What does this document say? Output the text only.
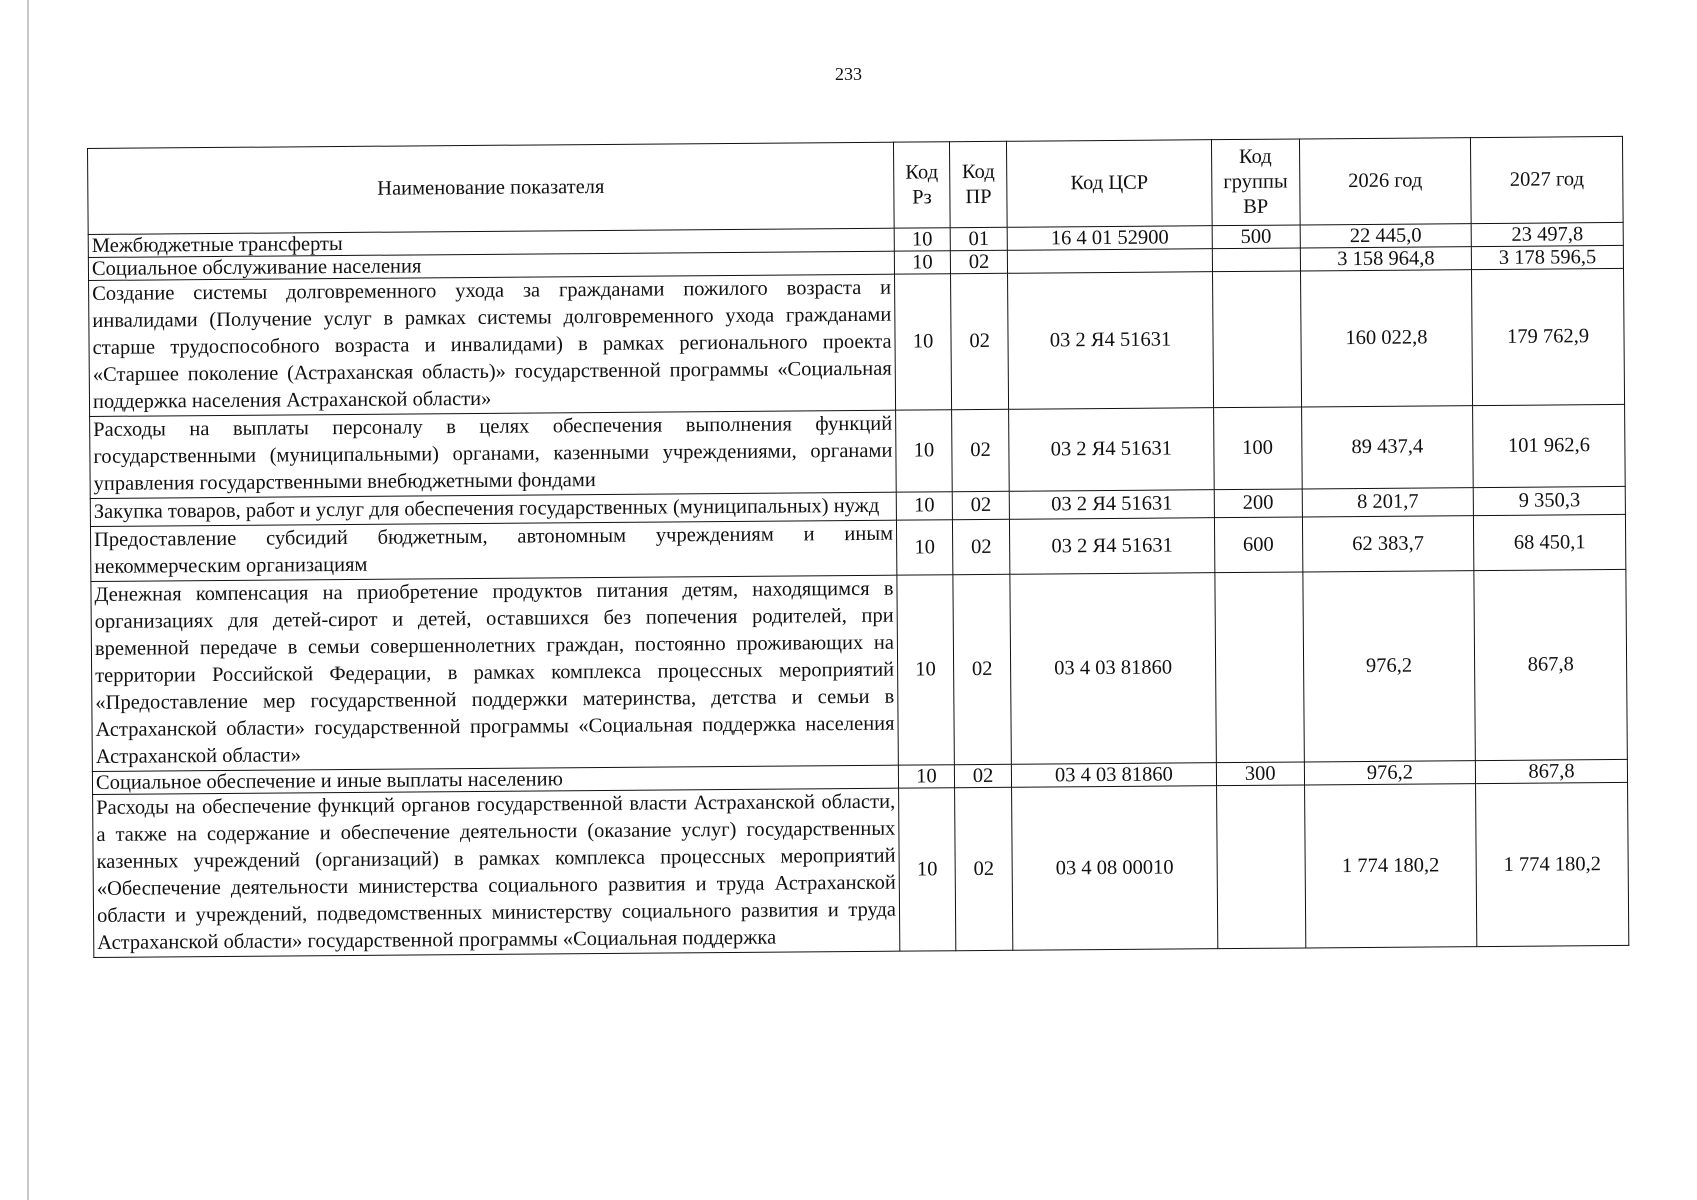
233
Наименование показателя	Код Рз	Код ПР	Код ЦСР	Код группы ВР	2026 год	2027 год
Межбюджетные трансферты	10	01	16 4 01 52900	500	22 445,0	23 497,8
Социальное обслуживание населения	10	02			3 158 964,8	3 178 596,5
Создание системы долговременного ухода за гражданами пожилого возраста и инвалидами (Получение услуг в рамках системы долговременного ухода гражданами старше трудоспособного возраста и инвалидами) в рамках регионального проекта «Старшее поколение (Астраханская область)» государственной программы «Социальная поддержка населения Астраханской области»	10	02	03 2 Я4 51631		160 022,8	179 762,9
Расходы на выплаты персоналу в целях обеспечения выполнения функций государственными (муниципальными) органами, казенными учреждениями, органами управления государственными внебюджетными фондами	10	02	03 2 Я4 51631	100	89 437,4	101 962,6
Закупка товаров, работ и услуг для обеспечения государственных (муниципальных) нужд	10	02	03 2 Я4 51631	200	8 201,7	9 350,3
Предоставление субсидий бюджетным, автономным учреждениям и иным некоммерческим организациям	10	02	03 2 Я4 51631	600	62 383,7	68 450,1
Денежная компенсация на приобретение продуктов питания детям, находящимся в организациях для детей-сирот и детей, оставшихся без попечения родителей, при временной передаче в семьи совершеннолетних граждан, постоянно проживающих на территории Российской Федерации, в рамках комплекса процессных мероприятий «Предоставление мер государственной поддержки материнства, детства и семьи в Астраханской области» государственной программы «Социальная поддержка населения Астраханской области»	10	02	03 4 03 81860		976,2	867,8
Социальное обеспечение и иные выплаты населению	10	02	03 4 03 81860	300	976,2	867,8
Расходы на обеспечение функций органов государственной власти Астраханской области, а также на содержание и обеспечение деятельности (оказание услуг) государственных казенных учреждений (организаций) в рамках комплекса процессных мероприятий «Обеспечение деятельности министерства социального развития и труда Астраханской области и учреждений, подведомственных министерству социального развития и труда Астраханской области» государственной программы «Социальная поддержка	10	02	03 4 08 00010		1 774 180,2	1 774 180,2
